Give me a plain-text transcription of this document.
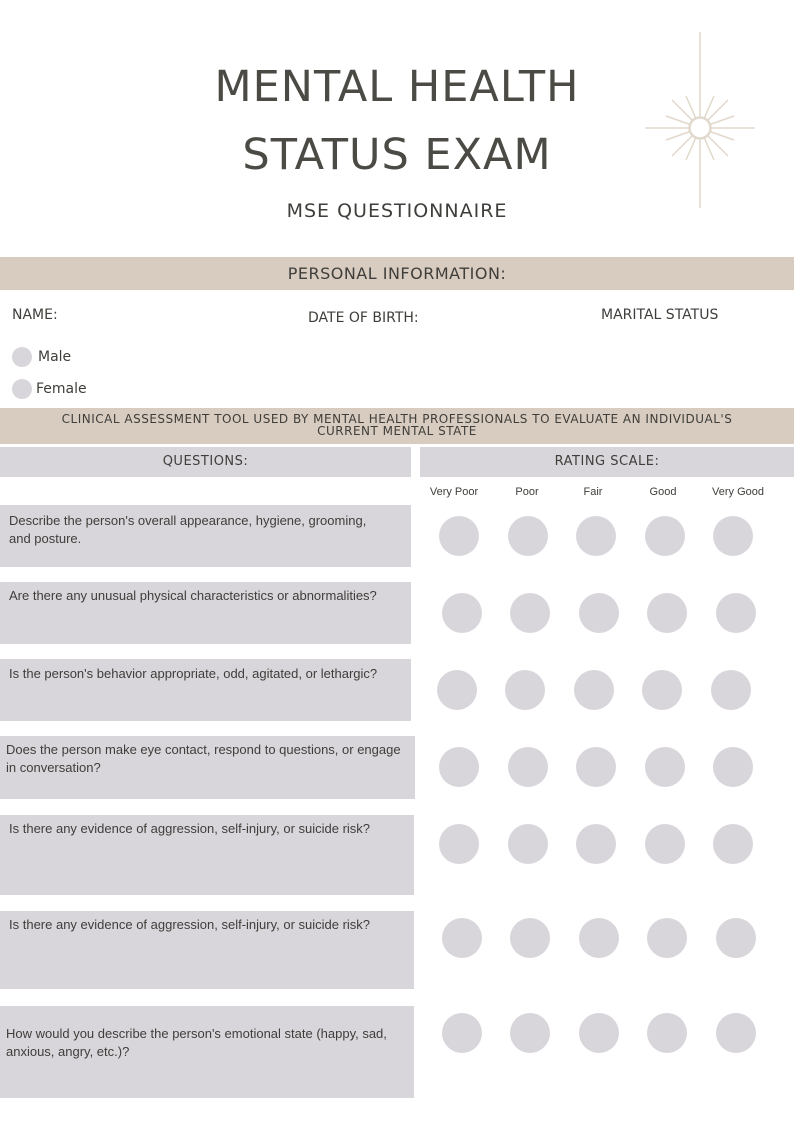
MENTAL HEALTH
STATUS EXAM
MSE QUESTIONNAIRE
PERSONAL INFORMATION:
NAME:	DATE OF BIRTH:	MARITAL STATUS
Male
Female
CLINICAL ASSESSMENT TOOL USED BY MENTAL HEALTH PROFESSIONALS TO EVALUATE AN INDIVIDUAL'S CURRENT MENTAL STATE
QUESTIONS:	RATING SCALE:
Very Poor	Poor	Fair	Good	Very Good
Describe the person's overall appearance, hygiene, grooming, and posture.
Are there any unusual physical characteristics or abnormalities?
Is the person's behavior appropriate, odd, agitated, or lethargic?
Does the person make eye contact, respond to questions, or engage in conversation?
Is there any evidence of aggression, self-injury, or suicide risk?
Is there any evidence of aggression, self-injury, or suicide risk?
How would you describe the person's emotional state (happy, sad, anxious, angry, etc.)?
